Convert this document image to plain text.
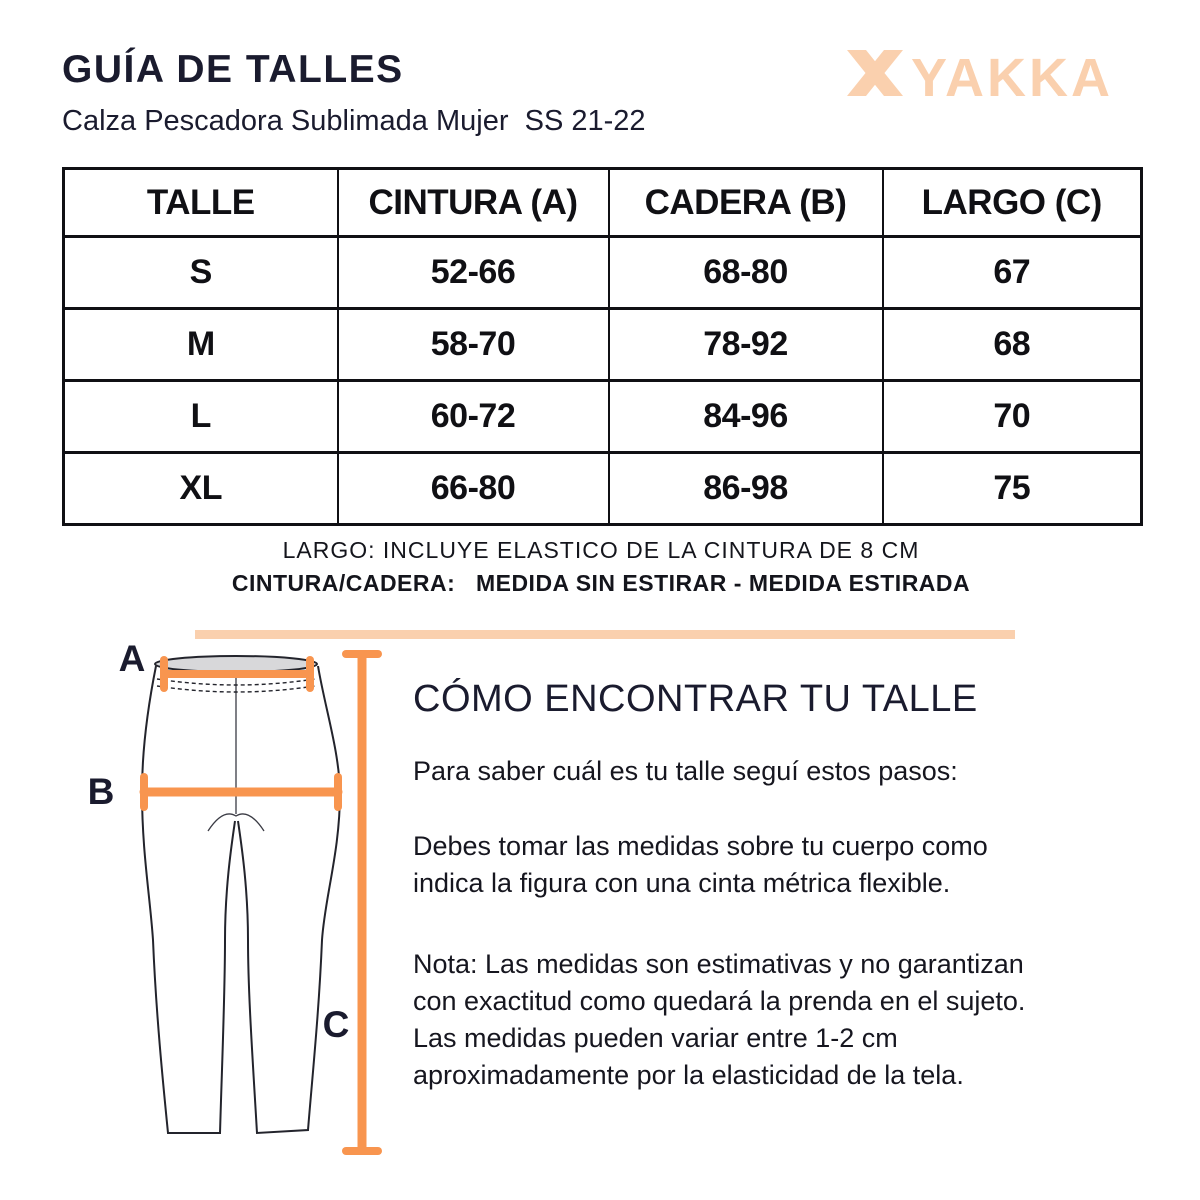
GUÍA DE TALLES
Calza Pescadora Sublimada Mujer  SS 21-22
YAKKA
TALLE	CINTURA (A)	CADERA (B)	LARGO (C)
S	52-66	68-80	67
M	58-70	78-92	68
L	60-72	84-96	70
XL	66-80	86-98	75
LARGO: INCLUYE ELASTICO DE LA CINTURA DE 8 CM
CINTURA/CADERA:   MEDIDA SIN ESTIRAR - MEDIDA ESTIRADA
A
B
C
CÓMO ENCONTRAR TU TALLE

Para saber cuál es tu talle seguí estos pasos:

Debes tomar las medidas sobre tu cuerpo como
indica la figura con una cinta métrica flexible.

Nota: Las medidas son estimativas y no garantizan
con exactitud como quedará la prenda en el sujeto.
Las medidas pueden variar entre 1-2 cm
aproximadamente por la elasticidad de la tela.
